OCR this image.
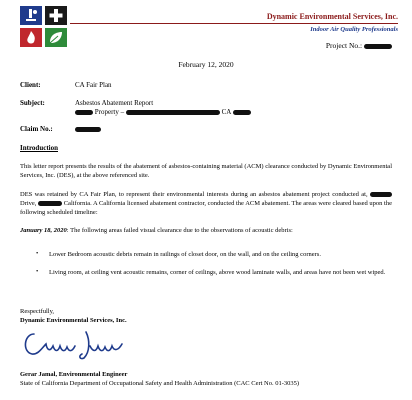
Dynamic Environmental Services, Inc.
Indoor Air Quality Professionals
Project No.:
February 12, 2020
Client:	CA Fair Plan
Subject:	Asbestos Abatement Report
Property –	CA
Claim No.:
Introduction
This letter report presents the results of the abatement of asbestos-containing material (ACM) clearance conducted by Dynamic Environmental Services, Inc. (DES), at the above referenced site.
DES was retained by CA Fair Plan, to represent their environmental interests during an asbestos abatement project conducted at,  Drive,	California. A California licensed abatement contractor, conducted the ACM abatement. The areas were cleared based upon the following scheduled timeline:
January 18, 2020: The following areas failed visual clearance due to the observations of acoustic debris:
• Lower Bedroom acoustic debris remain in railings of closet door, on the wall, and on the ceiling corners.
• Living room, at ceiling vent acoustic remains, corner of ceilings, above wood laminate walls, and areas have not been wet wiped.
Respectfully,
Dynamic Environmental Services, Inc.
Gerar Jamal, Environmental Engineer
State of California Department of Occupational Safety and Health Administration (CAC Cert No. 01-3035)
